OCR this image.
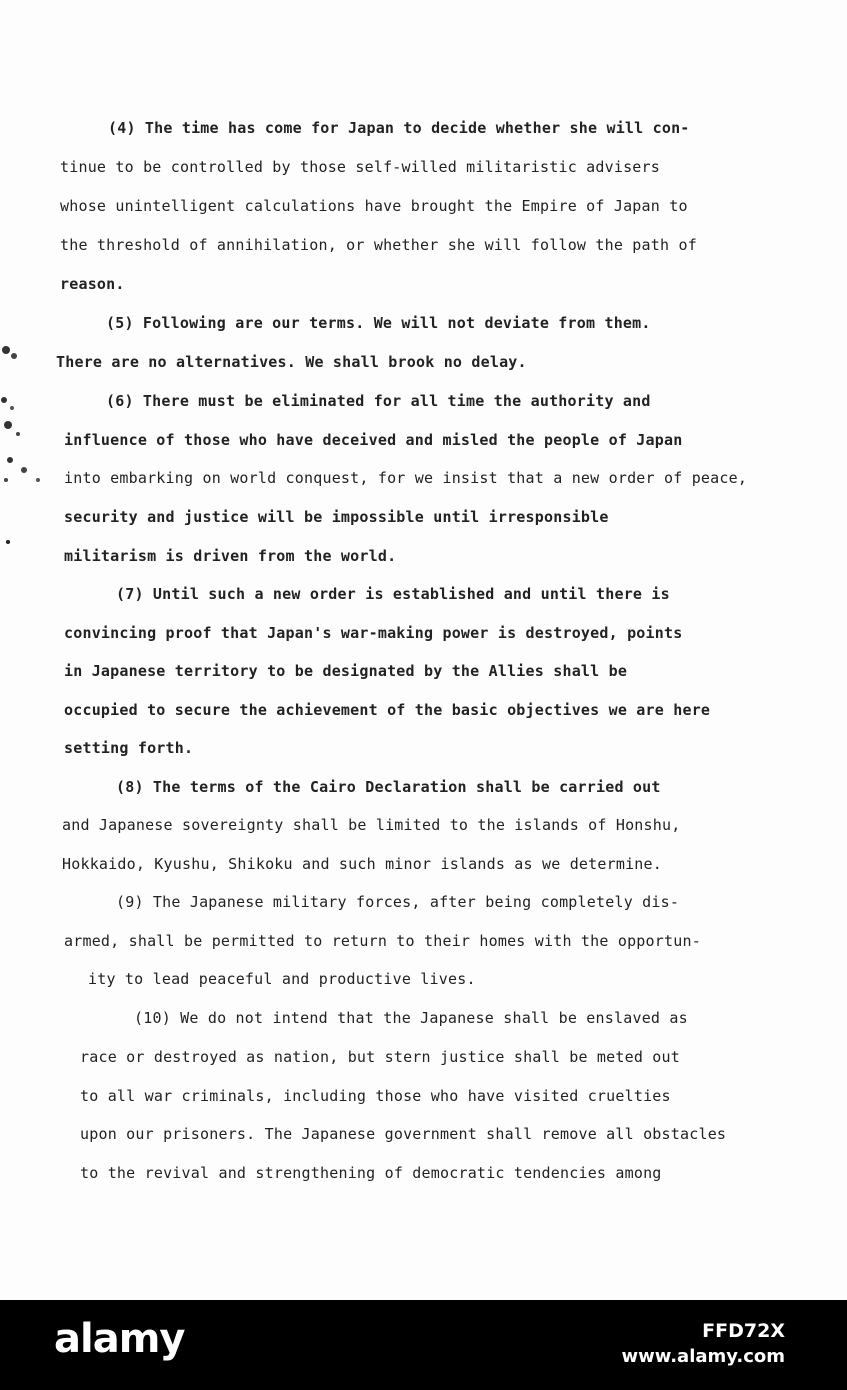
(4) The time has come for Japan to decide whether she will con-
tinue to be controlled by those self-willed militaristic advisers
whose unintelligent calculations have brought the Empire of Japan to
the threshold of annihilation, or whether she will follow the path of
reason.
(5) Following are our terms. We will not deviate from them.
There are no alternatives. We shall brook no delay.
(6) There must be eliminated for all time the authority and
influence of those who have deceived and misled the people of Japan
into embarking on world conquest, for we insist that a new order of peace,
security and justice will be impossible until irresponsible
militarism is driven from the world.
(7) Until such a new order is established and until there is
convincing proof that Japan's war-making power is destroyed, points
in Japanese territory to be designated by the Allies shall be
occupied to secure the achievement of the basic objectives we are here
setting forth.
(8) The terms of the Cairo Declaration shall be carried out
and Japanese sovereignty shall be limited to the islands of Honshu,
Hokkaido, Kyushu, Shikoku and such minor islands as we determine.
(9) The Japanese military forces, after being completely dis-
armed, shall be permitted to return to their homes with the opportun-
ity to lead peaceful and productive lives.
(10) We do not intend that the Japanese shall be enslaved as
race or destroyed as nation, but stern justice shall be meted out
to all war criminals, including those who have visited cruelties
upon our prisoners. The Japanese government shall remove all obstacles
to the revival and strengthening of democratic tendencies among
alamy	FFD72X
www.alamy.com
